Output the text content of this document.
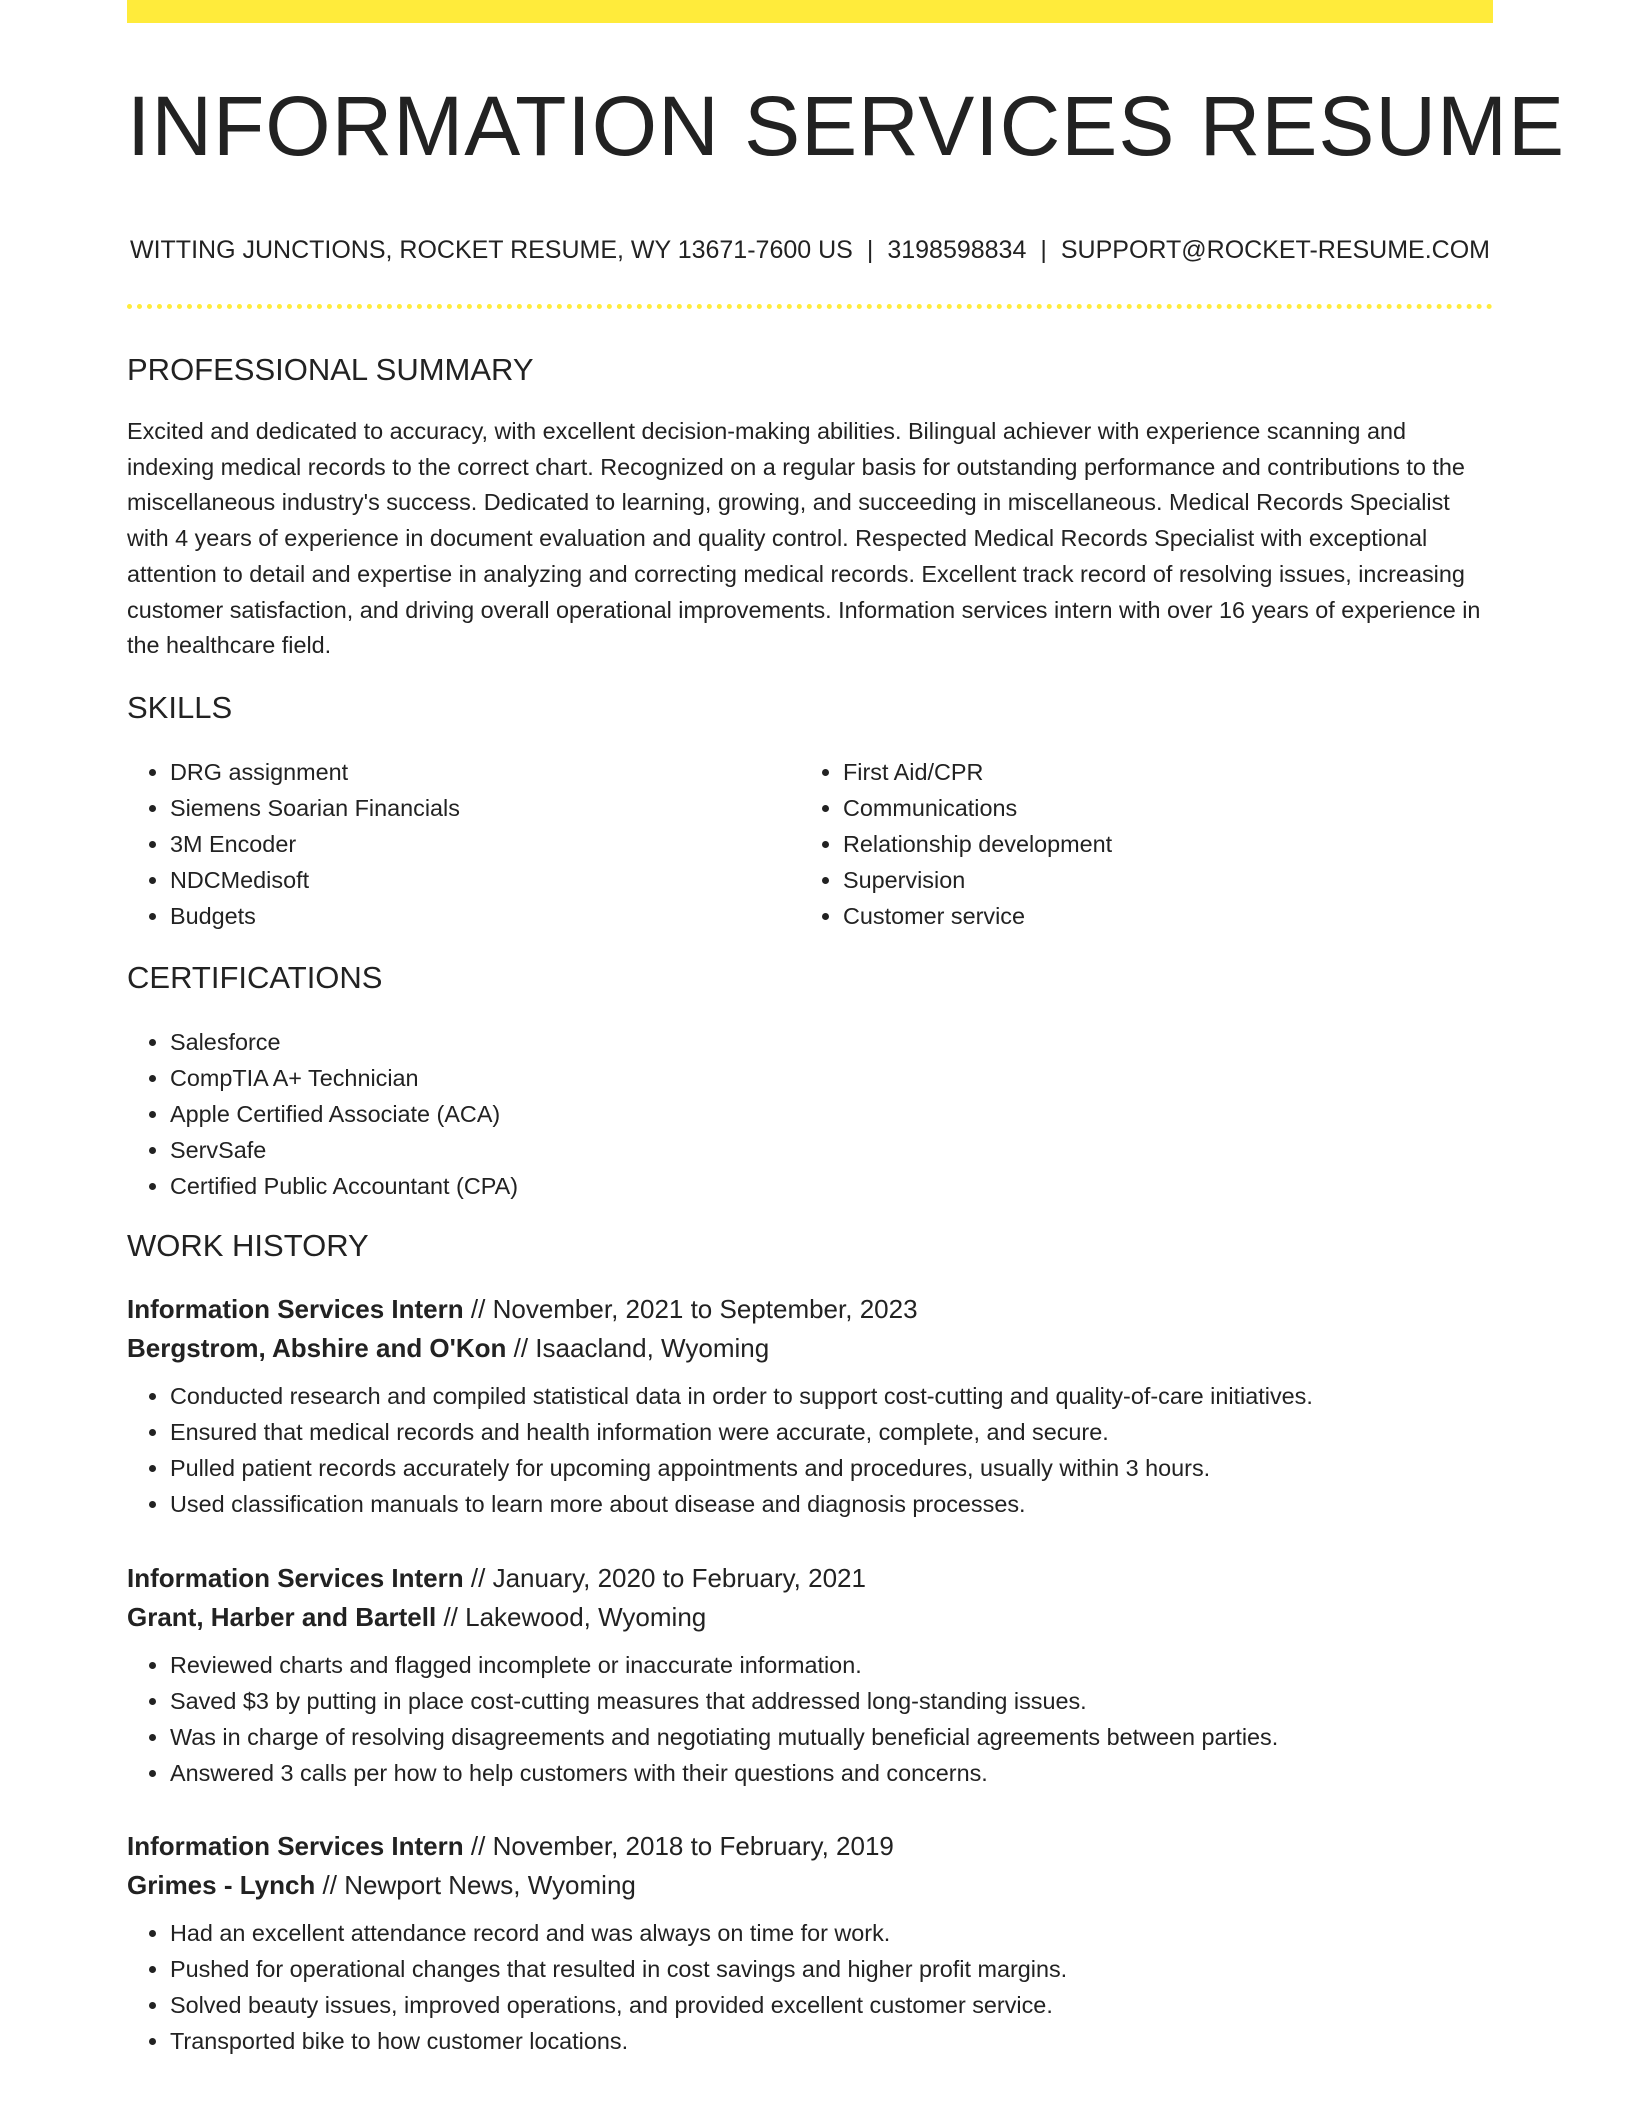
INFORMATION SERVICES RESUME
WITTING JUNCTIONS, ROCKET RESUME, WY 13671-7600 US | 3198598834 | SUPPORT@ROCKET-RESUME.COM
PROFESSIONAL SUMMARY

Excited and dedicated to accuracy, with excellent decision-making abilities. Bilingual achiever with experience scanning and indexing medical records to the correct chart. Recognized on a regular basis for outstanding performance and contributions to the miscellaneous industry's success. Dedicated to learning, growing, and succeeding in miscellaneous. Medical Records Specialist with 4 years of experience in document evaluation and quality control. Respected Medical Records Specialist with exceptional attention to detail and expertise in analyzing and correcting medical records. Excellent track record of resolving issues, increasing customer satisfaction, and driving overall operational improvements. Information services intern with over 16 years of experience in the healthcare field.

SKILLS
• DRG assignment
• Siemens Soarian Financials
• 3M Encoder
• NDCMedisoft
• Budgets
• First Aid/CPR
• Communications
• Relationship development
• Supervision
• Customer service
CERTIFICATIONS
• Salesforce
• CompTIA A+ Technician
• Apple Certified Associate (ACA)
• ServSafe
• Certified Public Accountant (CPA)
WORK HISTORY
Information Services Intern // November, 2021 to September, 2023
Bergstrom, Abshire and O'Kon // Isaacland, Wyoming
• Conducted research and compiled statistical data in order to support cost-cutting and quality-of-care initiatives.
• Ensured that medical records and health information were accurate, complete, and secure.
• Pulled patient records accurately for upcoming appointments and procedures, usually within 3 hours.
• Used classification manuals to learn more about disease and diagnosis processes.
Information Services Intern // January, 2020 to February, 2021
Grant, Harber and Bartell // Lakewood, Wyoming
• Reviewed charts and flagged incomplete or inaccurate information.
• Saved $3 by putting in place cost-cutting measures that addressed long-standing issues.
• Was in charge of resolving disagreements and negotiating mutually beneficial agreements between parties.
• Answered 3 calls per how to help customers with their questions and concerns.
Information Services Intern // November, 2018 to February, 2019
Grimes - Lynch // Newport News, Wyoming
• Had an excellent attendance record and was always on time for work.
• Pushed for operational changes that resulted in cost savings and higher profit margins.
• Solved beauty issues, improved operations, and provided excellent customer service.
• Transported bike to how customer locations.
